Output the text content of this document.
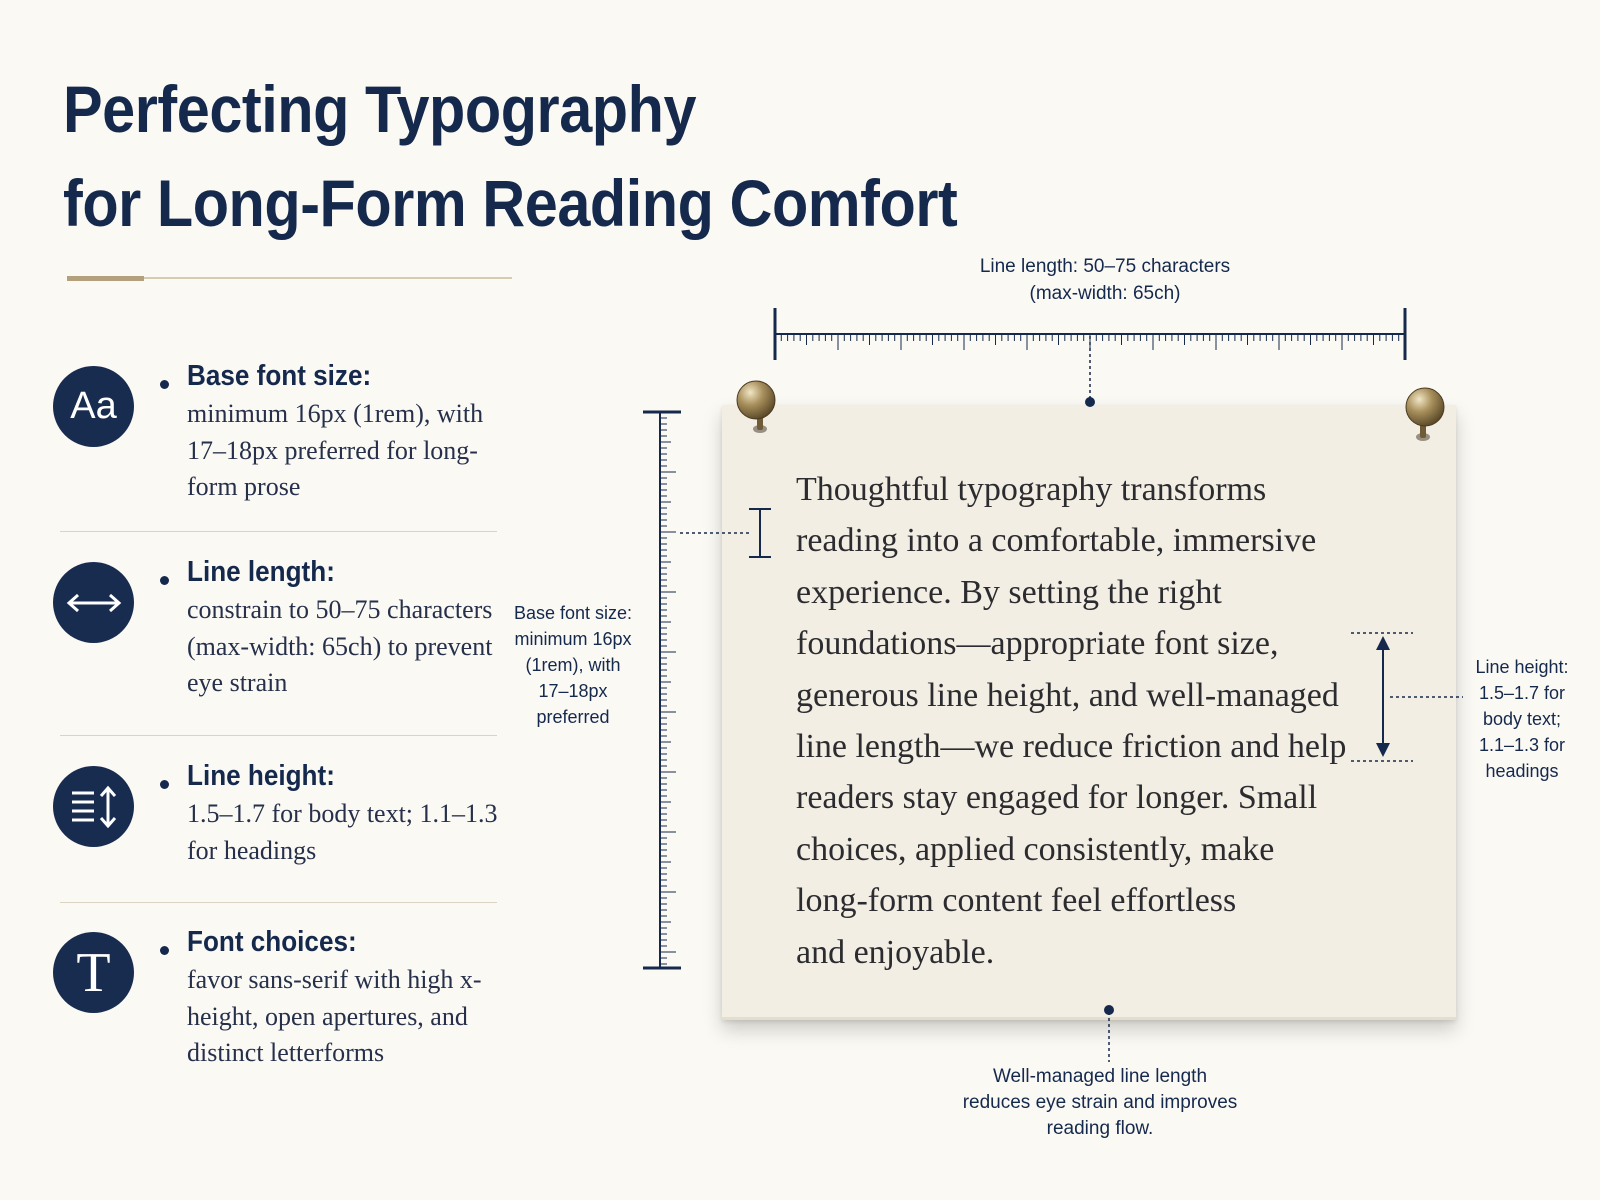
Perfecting Typography
for Long-Form Reading Comfort
Aa
Base font size:
minimum 16px (1rem), with 17–18px preferred for long-form prose
Line length:
constrain to 50–75 characters (max-width: 65ch) to prevent eye strain
Line height:
1.5–1.7 for body text; 1.1–1.3 for headings
T	Font choices:
favor sans-serif with high x-height, open apertures, and distinct letterforms
Line length: 50–75 characters
(max-width: 65ch)
Base font size:
minimum 16px
(1rem), with
17–18px
preferred
Line height:
1.5–1.7 for
body text;
1.1–1.3 for
headings
Well-managed line length
reduces eye strain and improves
reading flow.

Thoughtful typography transforms
reading into a comfortable, immersive
experience. By setting the right
foundations—appropriate font size,
generous line height, and well-managed
line length—we reduce friction and help
readers stay engaged for longer. Small
choices, applied consistently, make
long-form content feel effortless
and enjoyable.
